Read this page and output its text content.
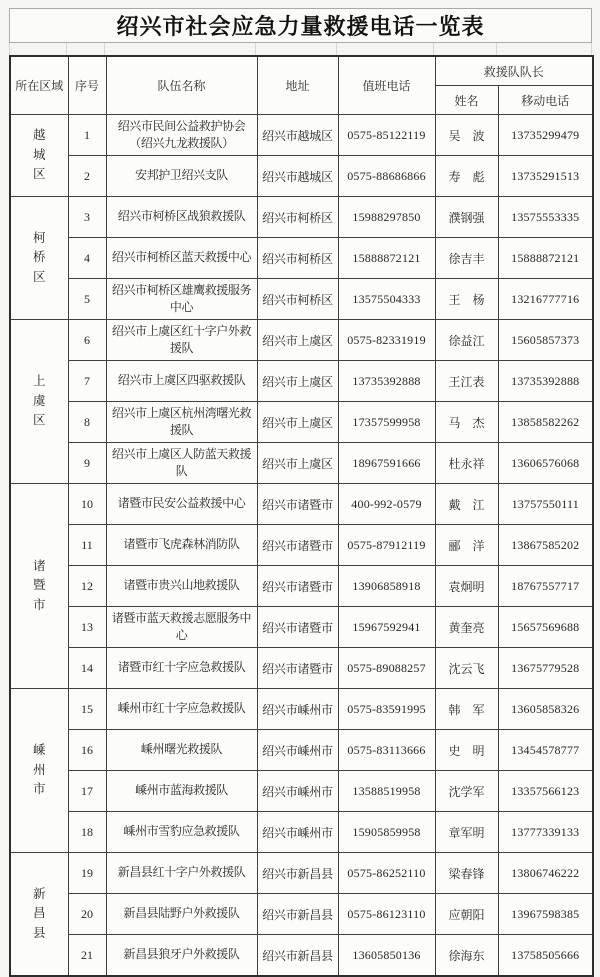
绍兴市社会应急力量救援电话一览表
所在区域	序号	队伍名称	地址	值班电话	救援队队长	
					姓名	移动电话
越城区	1	绍兴市民间公益救护协会（绍兴九龙救援队）	绍兴市越城区	0575-85122119	吴　波	13735299479
	2	安邦护卫绍兴支队	绍兴市越城区	0575-88686866	寿　彪	13735291513
柯桥区	3	绍兴市柯桥区战狼救援队	绍兴市柯桥区	15988297850	濮钢强	13575553335
	4	绍兴市柯桥区蓝天救援中心	绍兴市柯桥区	15888872121	徐吉丰	15888872121
	5	绍兴市柯桥区雄鹰救援服务中心	绍兴市柯桥区	13575504333	王　杨	13216777716
上虞区	6	绍兴市上虞区红十字户外救援队	绍兴市上虞区	0575-82331919	徐益江	15605857373
	7	绍兴市上虞区四驱救援队	绍兴市上虞区	13735392888	王江表	13735392888
	8	绍兴市上虞区杭州湾曙光救援队	绍兴市上虞区	17357599958	马　杰	13858582262
	9	绍兴市上虞区人防蓝天救援队	绍兴市上虞区	18967591666	杜永祥	13606576068
诸暨市	10	诸暨市民安公益救援中心	绍兴市诸暨市	400-992-0579	戴　江	13757550111
	11	诸暨市飞虎森林消防队	绍兴市诸暨市	0575-87912119	郦　洋	13867585202
	12	诸暨市贵兴山地救援队	绍兴市诸暨市	13906858918	袁炯明	18767557717
	13	诸暨市蓝天救援志愿服务中心	绍兴市诸暨市	15967592941	黄奎亮	15657569688
	14	诸暨市红十字应急救援队	绍兴市诸暨市	0575-89088257	沈云飞	13675779528
嵊州市	15	嵊州市红十字应急救援队	绍兴市嵊州市	0575-83591995	韩　军	13605858326
	16	嵊州曙光救援队	绍兴市嵊州市	0575-83113666	史　明	13454578777
	17	嵊州市蓝海救援队	绍兴市嵊州市	13588519958	沈学军	13357566123
	18	嵊州市雪豹应急救援队	绍兴市嵊州市	15905859958	章军明	13777339133
新昌县	19	新昌县红十字户外救援队	绍兴市新昌县	0575-86252110	梁春锋	13806746222
	20	新昌县陆野户外救援队	绍兴市新昌县	0575-86123110	应朝阳	13967598385
	21	新昌县狼牙户外救援队	绍兴市新昌县	13605850136	徐海东	13758505666
